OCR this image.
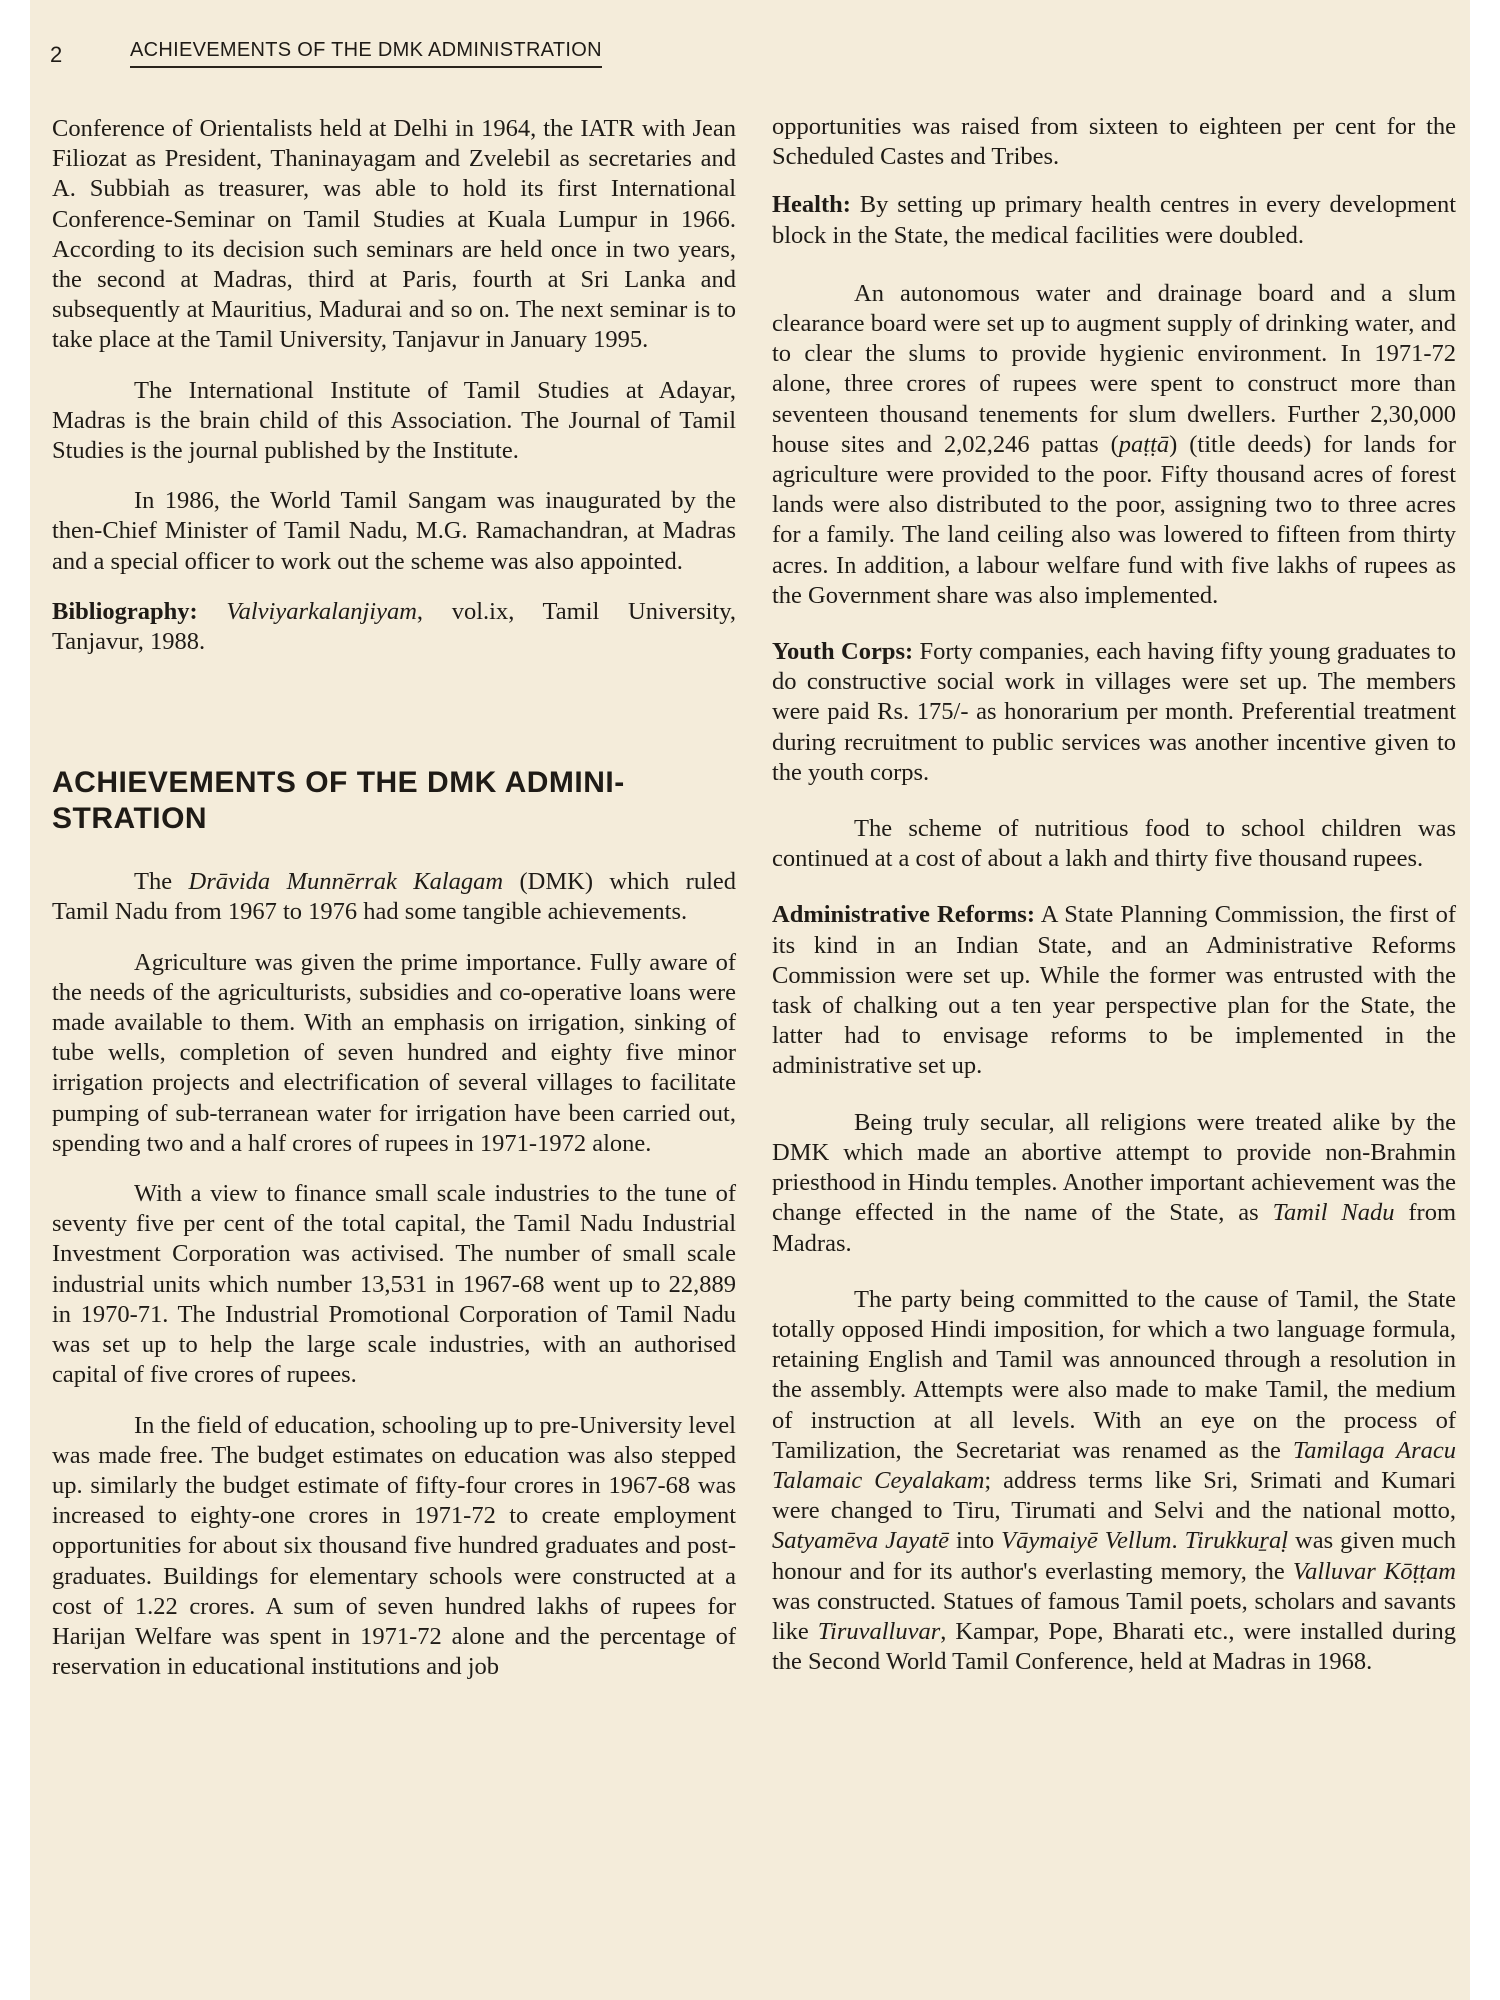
2	ACHIEVEMENTS OF THE DMK ADMINISTRATION

Conference of Orientalists held at Delhi in 1964, the IATR with Jean Filiozat as President, Thaninayagam and Zvelebil as secretaries and A. Subbiah as treasurer, was able to hold its first International Conference-Seminar on Tamil Studies at Kuala Lumpur in 1966. According to its decision such seminars are held once in two years, the second at Madras, third at Paris, fourth at Sri Lanka and subsequently at Mauritius, Madurai and so on. The next seminar is to take place at the Tamil University, Tanjavur in January 1995.

The International Institute of Tamil Studies at Adayar, Madras is the brain child of this Association. The Journal of Tamil Studies is the journal published by the Institute.

In 1986, the World Tamil Sangam was inaugurated by the then-Chief Minister of Tamil Nadu, M.G. Ramachandran, at Madras and a special officer to work out the scheme was also appointed.

Bibliography: Valviyarkalanjiyam, vol.ix, Tamil University, Tanjavur, 1988.

ACHIEVEMENTS OF THE DMK ADMINI-STRATION

The Drāvida Munnērrak Kalagam (DMK) which ruled Tamil Nadu from 1967 to 1976 had some tangible achievements.

Agriculture was given the prime importance. Fully aware of the needs of the agriculturists, subsidies and co-operative loans were made available to them. With an emphasis on irrigation, sinking of tube wells, completion of seven hundred and eighty five minor irrigation projects and electrification of several villages to facilitate pumping of sub-terranean water for irrigation have been carried out, spending two and a half crores of rupees in 1971-1972 alone.

With a view to finance small scale industries to the tune of seventy five per cent of the total capital, the Tamil Nadu Industrial Investment Corporation was activised. The number of small scale industrial units which number 13,531 in 1967-68 went up to 22,889 in 1970-71. The Industrial Promotional Corporation of Tamil Nadu was set up to help the large scale industries, with an authorised capital of five crores of rupees.

In the field of education, schooling up to pre-University level was made free. The budget estimates on education was also stepped up. similarly the budget estimate of fifty-four crores in 1967-68 was increased to eighty-one crores in 1971-72 to create employment opportunities for about six thousand five hundred graduates and post-graduates. Buildings for elementary schools were constructed at a cost of 1.22 crores. A sum of seven hundred lakhs of rupees for Harijan Welfare was spent in 1971-72 alone and the percentage of reservation in educational institutions and job

opportunities was raised from sixteen to eighteen per cent for the Scheduled Castes and Tribes.

Health: By setting up primary health centres in every development block in the State, the medical facilities were doubled.

An autonomous water and drainage board and a slum clearance board were set up to augment supply of drinking water, and to clear the slums to provide hygienic environment. In 1971-72 alone, three crores of rupees were spent to construct more than seventeen thousand tenements for slum dwellers. Further 2,30,000 house sites and 2,02,246 pattas (paṭṭā) (title deeds) for lands for agriculture were provided to the poor. Fifty thousand acres of forest lands were also distributed to the poor, assigning two to three acres for a family. The land ceiling also was lowered to fifteen from thirty acres. In addition, a labour welfare fund with five lakhs of rupees as the Government share was also implemented.

Youth Corps: Forty companies, each having fifty young graduates to do constructive social work in villages were set up. The members were paid Rs. 175/- as honorarium per month. Preferential treatment during recruitment to public services was another incentive given to the youth corps.

The scheme of nutritious food to school children was continued at a cost of about a lakh and thirty five thousand rupees.

Administrative Reforms: A State Planning Commission, the first of its kind in an Indian State, and an Administrative Reforms Commission were set up. While the former was entrusted with the task of chalking out a ten year perspective plan for the State, the latter had to envisage reforms to be implemented in the administrative set up.

Being truly secular, all religions were treated alike by the DMK which made an abortive attempt to provide non-Brahmin priesthood in Hindu temples. Another important achievement was the change effected in the name of the State, as Tamil Nadu from Madras.

The party being committed to the cause of Tamil, the State totally opposed Hindi imposition, for which a two language formula, retaining English and Tamil was announced through a resolution in the assembly. Attempts were also made to make Tamil, the medium of instruction at all levels. With an eye on the process of Tamilization, the Secretariat was renamed as the Tamilaga Aracu Talamaic Ceyalakam; address terms like Sri, Srimati and Kumari were changed to Tiru, Tirumati and Selvi and the national motto, Satyamēva Jayatē into Vāymaiyē Vellum. Tirukkuṟaḷ was given much honour and for its author's everlasting memory, the Valluvar Kōṭṭam was constructed. Statues of famous Tamil poets, scholars and savants like Tiruvalluvar, Kampar, Pope, Bharati etc., were installed during the Second World Tamil Conference, held at Madras in 1968.
